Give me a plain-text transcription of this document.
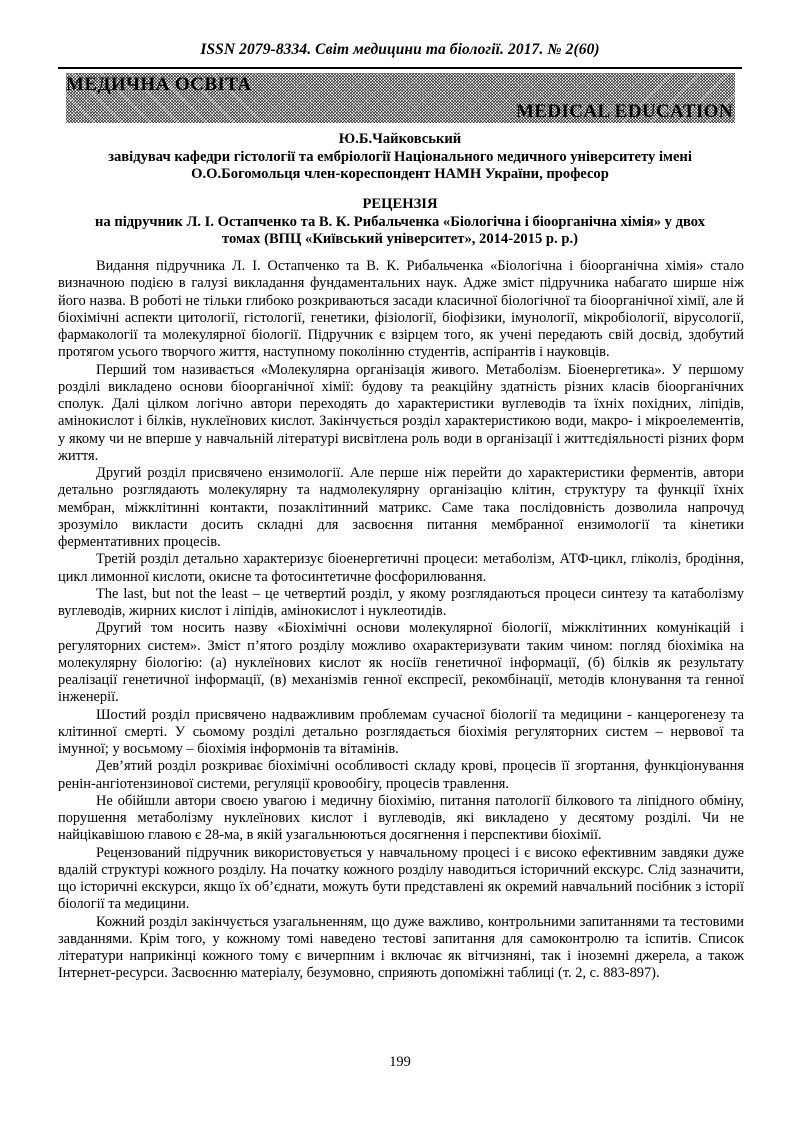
ISSN 2079-8334. Світ медицини та біології. 2017. № 2(60)
МЕДИЧНА ОСВІТА
MEDICAL EDUCATION
Ю.Б.Чайковський
завідувач кафедри гістології та ембріології Національного медичного університету імені
О.О.Богомольця член-кореспондент НАМН України, професор
РЕЦЕНЗІЯ
на підручник Л. І. Остапченко та В. К. Рибальченка «Біологічна і біоорганічна хімія» у двох
томах (ВПЦ «Київський університет», 2014-2015 р. р.)

Видання підручника Л. І. Остапченко та В. К. Рибальченка «Біологічна і біоорганічна хімія» стало визначною подією в галузі викладання фундаментальних наук. Адже зміст підручника набагато ширше ніж його назва. В роботі не тільки глибоко розкриваються засади класичної біологічної та біоорганічної хімії, але й біохімічні аспекти цитології, гістології, генетики, фізіології, біофізики, імунології, мікробіології, вірусології, фармакології та молекулярної біології. Підручник є взірцем того, як учені передають свій досвід, здобутий протягом усього творчого життя, наступному поколінню студентів, аспірантів і науковців.

Перший том називається «Молекулярна організація живого. Метаболізм. Біоенергетика». У першому розділі викладено основи біоорганічної хімії: будову та реакційну здатність різних класів біоорганічних сполук. Далі цілком логічно автори переходять до характеристики вуглеводів та їхніх похідних, ліпідів, амінокислот і білків, нуклеїнових кислот. Закінчується розділ характеристикою води, макро- і мікроелементів, у якому чи не вперше у навчальній літературі висвітлена роль води в організації і життєдіяльності різних форм життя.

Другий розділ присвячено ензимології. Але перше ніж перейти до характеристики ферментів, автори детально розглядають молекулярну та надмолекулярну організацію клітин, структуру та функції їхніх мембран, міжклітинні контакти, позаклітинний матрикс. Саме така послідовність дозволила напрочуд зрозуміло викласти досить складні для засвоєння питання мембранної ензимології та кінетики ферментативних процесів.

Третій розділ детально характеризує біоенергетичні процеси: метаболізм, АТФ-цикл, гліколіз, бродіння, цикл лимонної кислоти, окисне та фотосинтетичне фосфорилювання.

The last, but not the least – це четвертий розділ, у якому розглядаються процеси синтезу та катаболізму вуглеводів, жирних кислот і ліпідів, амінокислот і нуклеотидів.

Другий том носить назву «Біохімічні основи молекулярної біології, міжклітинних комунікацій і регуляторних систем». Зміст п’ятого розділу можливо охарактеризувати таким чином: погляд біохіміка на молекулярну біологію: (а) нуклеїнових кислот як носіїв генетичної інформації, (б) білків як результату реалізації генетичної інформації, (в) механізмів генної експресії, рекомбінації, методів клонування та генної інженерії.

Шостий розділ присвячено надважливим проблемам сучасної біології та медицини - канцерогенезу та клітинної смерті. У сьомому розділі детально розглядається біохімія регуляторних систем – нервової та імунної; у восьмому – біохімія інформонів та вітамінів.

Дев’ятий розділ розкриває біохімічні особливості складу крові, процесів її згортання, функціонування ренін-ангіотензинової системи, регуляції кровообігу, процесів травлення.

Не обійшли автори своєю увагою і медичну біохімію, питання патології білкового та ліпідного обміну, порушення метаболізму нуклеїнових кислот і вуглеводів, які викладено у десятому розділі. Чи не найцікавішою главою є 28-ма, в якій узагальнюються досягнення і перспективи біохімії.

Рецензований підручник використовується у навчальному процесі і є високо ефективним завдяки дуже вдалій структурі кожного розділу. На початку кожного розділу наводиться історичний екскурс. Слід зазначити, що історичні екскурси, якщо їх об’єднати, можуть бути представлені як окремий навчальний посібник з історії біології та медицини.

Кожний розділ закінчується узагальненням, що дуже важливо, контрольними запитаннями та тестовими завданнями. Крім того, у кожному томі наведено тестові запитання для самоконтролю та іспитів. Список літератури наприкінці кожного тому є вичерпним і включає як вітчизняні, так і іноземні джерела, а також Інтернет-ресурси. Засвоєнню матеріалу, безумовно, сприяють допоміжні таблиці (т. 2, с. 883-897).

199
